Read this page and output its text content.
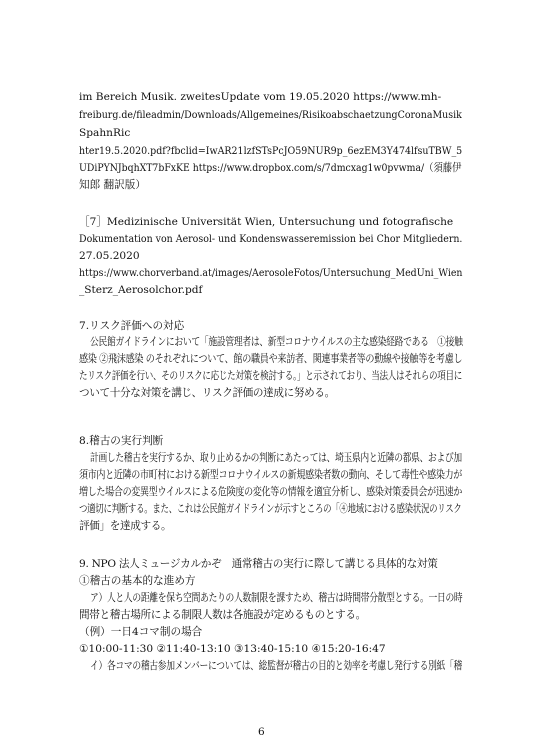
im Bereich Musik. zweitesUpdate vom 19.05.2020 https://www.mh-
freiburg.de/fileadmin/Downloads/Allgemeines/RisikoabschaetzungCoronaMusik
SpahnRic
hter19.5.2020.pdf?fbclid=IwAR21lzfSTsPcJO59NUR9p_6ezEM3Y474lfsuTBW_5
UDiPYNJbqhXT7bFxKE https://www.dropbox.com/s/7dmcxag1w0pvwma/（須藤伊
知郎 翻訳版）
［7］Medizinische Universität Wien, Untersuchung und fotografische
Dokumentation von Aerosol- und Kondenswasseremission bei Chor Mitgliedern.
27.05.2020
https://www.chorverband.at/images/AerosoleFotos/Untersuchung_MedUni_Wien
_Sterz_Aerosolchor.pdf
7.リスク評価への対応
公民館ガイドラインにおいて「施設管理者は、新型コロナウイルスの主な感染経路である　①接触
感染 ②飛沫感染 のそれぞれについて、館の職員や来訪者、関連事業者等の動線や接触等を考慮し
たリスク評価を行い、そのリスクに応じた対策を検討する。」と示されており、当法人はそれらの項目に
ついて十分な対策を講じ、リスク評価の達成に努める。
8.稽古の実行判断
計画した稽古を実行するか、取り止めるかの判断にあたっては、埼玉県内と近隣の都県、および加
須市内と近隣の市町村における新型コロナウイルスの新規感染者数の動向、そして毒性や感染力が
増した場合の変異型ウイルスによる危険度の変化等の情報を適宜分析し、感染対策委員会が迅速か
つ適切に判断する。また、これは公民館ガイドラインが示すところの「④地域における感染状況のリスク
評価」を達成する。
9. NPO 法人ミュージカルかぞ　通常稽古の実行に際して講じる具体的な対策
①稽古の基本的な進め方
ア）人と人の距離を保ち空間あたりの人数制限を課すため、稽古は時間帯分散型とする。一日の時
間帯と稽古場所による制限人数は各施設が定めるものとする。
（例）一日4コマ制の場合
①10:00-11:30 ②11:40-13:10 ③13:40-15:10 ④15:20-16:47
イ）各コマの稽古参加メンバーについては、総監督が稽古の目的と効率を考慮し発行する別紙「稽
6
